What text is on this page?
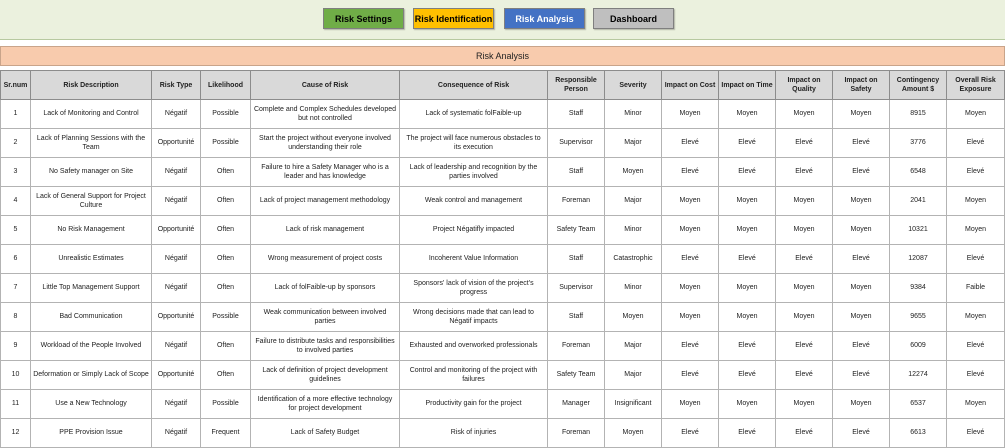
Risk Settings	Risk Identification	Risk Analysis	Dashboard
Risk Analysis
Sr.num	Risk Description	Risk Type	Likelihood	Cause of Risk	Consequence of Risk	Responsible Person	Severity	Impact on Cost	Impact on Time	Impact on Quality	Impact on Safety	Contingency Amount $	Overall Risk Exposure
1	Lack of Monitoring and Control	Négatif	Possible	Complete and Complex Schedules developed but not controlled	Lack of systematic folFaible-up	Staff	Minor	Moyen	Moyen	Moyen	Moyen	8915	Moyen
2	Lack of Planning Sessions with the Team	Opportunité	Possible	Start the project without everyone involved understanding their role	The project will face numerous obstacles to its execution	Supervisor	Major	Elevé	Elevé	Elevé	Elevé	3776	Elevé
3	No Safety manager on Site	Négatif	Often	Failure to hire a Safety Manager who is a leader and has knowledge	Lack of leadership and recognition by the parties involved	Staff	Moyen	Elevé	Elevé	Elevé	Elevé	6548	Elevé
4	Lack of General Support for Project Culture	Négatif	Often	Lack of project management methodology	Weak control and management	Foreman	Major	Moyen	Moyen	Moyen	Moyen	2041	Moyen
5	No Risk Management	Opportunité	Often	Lack of risk management	Project Négatifly impacted	Safety Team	Minor	Moyen	Moyen	Moyen	Moyen	10321	Moyen
6	Unrealistic Estimates	Négatif	Often	Wrong measurement of project costs	Incoherent Value Information	Staff	Catastrophic	Elevé	Elevé	Elevé	Elevé	12087	Elevé
7	Little Top Management Support	Négatif	Often	Lack of folFaible-up by sponsors	Sponsors' lack of vision of the project's progress	Supervisor	Minor	Moyen	Moyen	Moyen	Moyen	9384	Faible
8	Bad Communication	Opportunité	Possible	Weak communication between involved parties	Wrong decisions made that can lead to Négatif impacts	Staff	Moyen	Moyen	Moyen	Moyen	Moyen	9655	Moyen
9	Workload of the People Involved	Négatif	Often	Failure to distribute tasks and responsibilities to involved parties	Exhausted and overworked professionals	Foreman	Major	Elevé	Elevé	Elevé	Elevé	6009	Elevé
10	Deformation or Simply Lack of Scope	Opportunité	Often	Lack of definition of project development guidelines	Control and monitoring of the project with failures	Safety Team	Major	Elevé	Elevé	Elevé	Elevé	12274	Elevé
11	Use a New Technology	Négatif	Possible	Identification of a more effective technology for project development	Productivity gain for the project	Manager	Insignificant	Moyen	Moyen	Moyen	Moyen	6537	Moyen
12	PPE Provision Issue	Négatif	Frequent	Lack of Safety Budget	Risk of injuries	Foreman	Moyen	Elevé	Elevé	Elevé	Elevé	6613	Elevé
